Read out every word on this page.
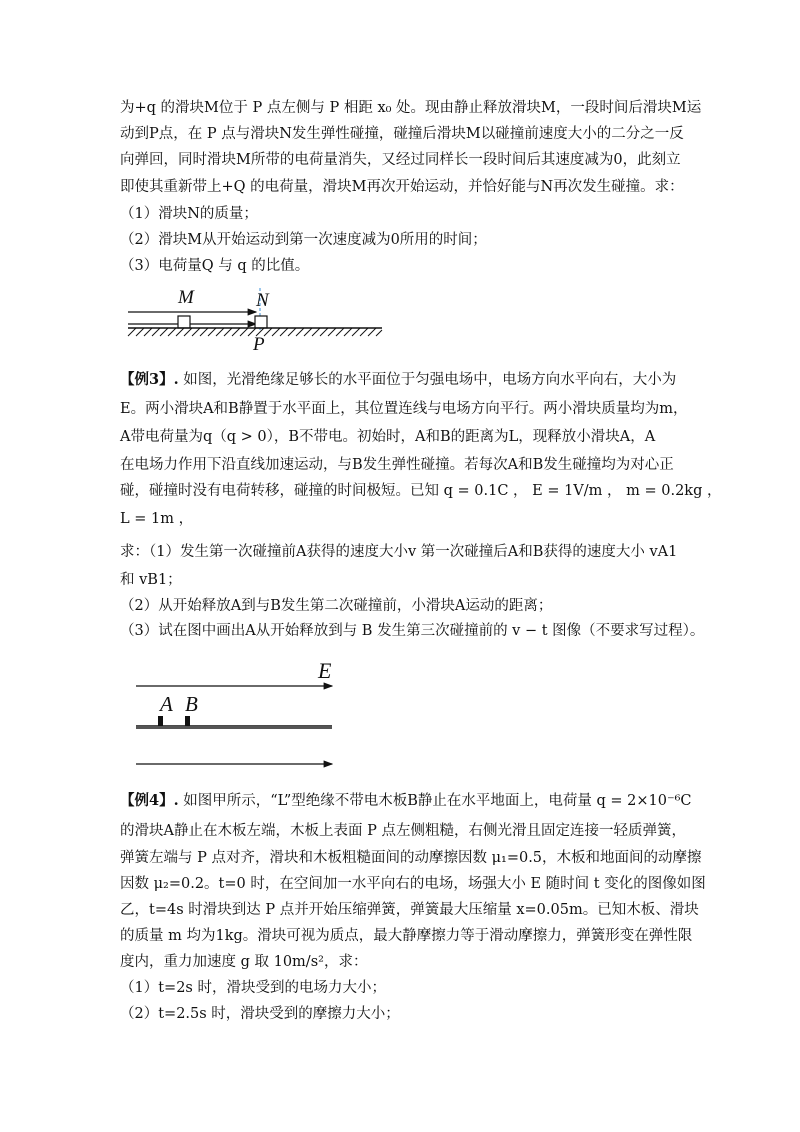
为+q 的滑块M位于 P 点左侧与 P 相距 x₀ 处。现由静止释放滑块M，一段时间后滑块M运
动到P点，在 P 点与滑块N发生弹性碰撞，碰撞后滑块M以碰撞前速度大小的二分之一反
向弹回，同时滑块M所带的电荷量消失，又经过同样长一段时间后其速度减为0，此刻立
即使其重新带上+Q 的电荷量，滑块M再次开始运动，并恰好能与N再次发生碰撞。求：
（1）滑块N的质量；
（2）滑块M从开始运动到第一次速度减为0所用的时间；
（3）电荷量Q 与 q 的比值。
M	N
P
【例3】. 如图，光滑绝缘足够长的水平面位于匀强电场中，电场方向水平向右，大小为
E。两小滑块A和B静置于水平面上，其位置连线与电场方向平行。两小滑块质量均为m，
A带电荷量为q（q > 0），B不带电。初始时，A和B的距离为L，现释放小滑块A，A
在电场力作用下沿直线加速运动，与B发生弹性碰撞。若每次A和B发生碰撞均为对心正
碰，碰撞时没有电荷转移，碰撞的时间极短。已知 q = 0.1C ， E = 1V/m ， m = 0.2kg ，
L = 1m ，
求：（1）发生第一次碰撞前A获得的速度大小v 第一次碰撞后A和B获得的速度大小 vA1
和 vB1；
（2）从开始释放A到与B发生第二次碰撞前，小滑块A运动的距离；
（3）试在图中画出A从开始释放到与 B 发生第三次碰撞前的 v − t 图像（不要求写过程）。
E
A B
【例4】. 如图甲所示，“L”型绝缘不带电木板B静止在水平地面上，电荷量 q = 2×10⁻⁶C
的滑块A静止在木板左端，木板上表面 P 点左侧粗糙，右侧光滑且固定连接一轻质弹簧，
弹簧左端与 P 点对齐，滑块和木板粗糙面间的动摩擦因数 μ₁=0.5，木板和地面间的动摩擦
因数 μ₂=0.2。t=0 时，在空间加一水平向右的电场，场强大小 E 随时间 t 变化的图像如图
乙，t=4s 时滑块到达 P 点并开始压缩弹簧，弹簧最大压缩量 x=0.05m。已知木板、滑块
的质量 m 均为1kg。滑块可视为质点，最大静摩擦力等于滑动摩擦力，弹簧形变在弹性限
度内，重力加速度 g 取 10m/s²，求：
（1）t=2s 时，滑块受到的电场力大小；
（2）t=2.5s 时，滑块受到的摩擦力大小；
